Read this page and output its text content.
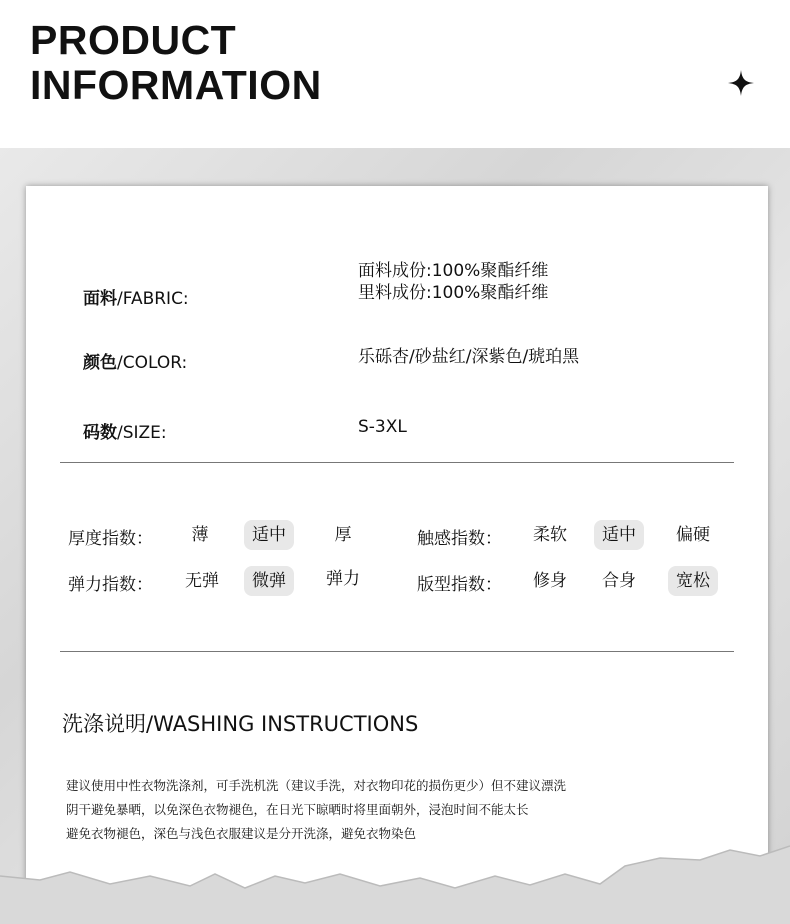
PRODUCT
INFORMATION
面料/FABRIC:
面料成份:100%聚酯纤维
里料成份:100%聚酯纤维
颜色/COLOR:	乐砾杏/砂盐红/深紫色/琥珀黑
码数/SIZE:	S-3XL
厚度指数：	薄	适中	厚	触感指数：	柔软	适中	偏硬
弹力指数：	无弹	微弹	弹力	版型指数：	修身	合身	宽松
洗涤说明/WASHING INSTRUCTIONS
建议使用中性衣物洗涤剂，可手洗机洗（建议手洗，对衣物印花的损伤更少）但不建议漂洗
阴干避免暴晒，以免深色衣物褪色，在日光下晾晒时将里面朝外，浸泡时间不能太长
避免衣物褪色，深色与浅色衣服建议是分开洗涤，避免衣物染色
